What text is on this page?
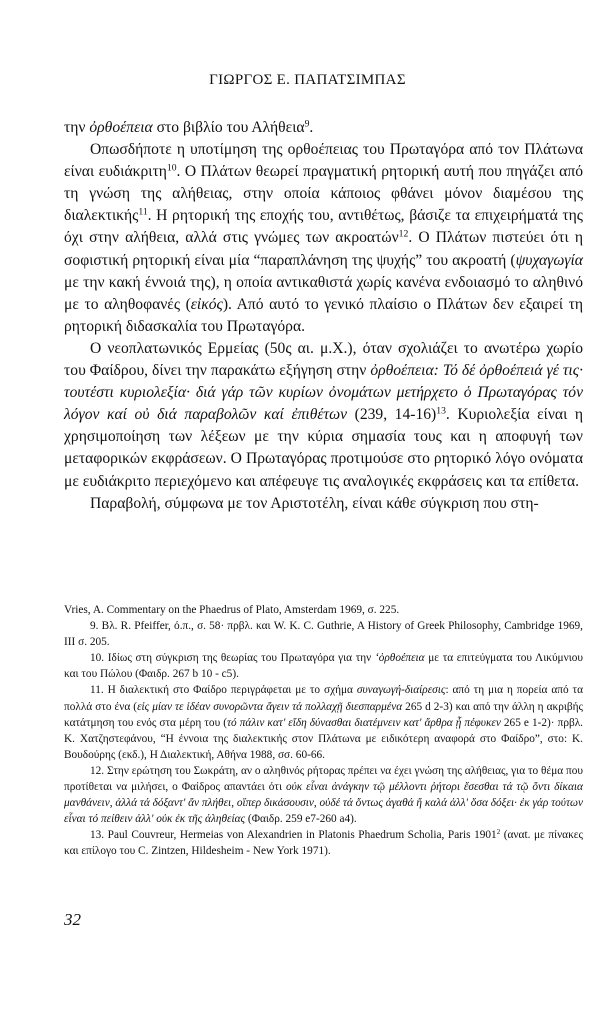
ΓΙΩΡΓΟΣ Ε. ΠΑΠΑΤΣΙΜΠΑΣ

την ὀρθοέπεια στο βιβλίο του Αλήθεια$^9$.

Οπωσδήποτε η υποτίμηση της ορθοέπειας του Πρωταγόρα από τον Πλάτωνα είναι ευδιάκριτη$^{10}$. Ο Πλάτων θεωρεί πραγματική ρητορική αυτή που πηγάζει από τη γνώση της αλήθειας, στην οποία κάποιος φθάνει μόνον διαμέσου της διαλεκτικής$^{11}$. Η ρητορική της εποχής του, αντιθέτως, βάσιζε τα επιχειρήματά της όχι στην αλήθεια, αλλά στις γνώμες των ακροατών$^{12}$. Ο Πλάτων πιστεύει ότι η σοφιστική ρητορική είναι μία “παραπλάνηση της ψυχής” του ακροατή (ψυχαγωγία με την κακή έννοιά της), η οποία αντικαθιστά χωρίς κανένα ενδοιασμό το αληθινό με το αληθοφανές (εἰκός). Από αυτό το γενικό πλαίσιο ο Πλάτων δεν εξαιρεί τη ρητορική διδασκαλία του Πρωταγόρα.

Ο νεοπλατωνικός Ερμείας (50ς αι. μ.Χ.), όταν σχολιάζει το ανωτέρω χωρίο του Φαίδρου, δίνει την παρακάτω εξήγηση στην ὀρθοέπεια: Τό δέ ὀρθοέπειά γέ τις· τουτέστι κυριολεξία· διά γάρ τῶν κυρίων ὀνομάτων μετήρχετο ὁ Πρωταγόρας τόν λόγον καί οὐ διά παραβολῶν καί ἐπιθέτων (239, 14-16)$^{13}$. Κυριολεξία είναι η χρησιμοποίηση των λέξεων με την κύρια σημασία τους και η αποφυγή των μεταφορικών εκφράσεων. Ο Πρωταγόρας προτιμούσε στο ρητορικό λόγο ονόματα με ευδιάκριτο περιεχόμενο και απέφευγε τις αναλογικές εκφράσεις και τα επίθετα.

Παραβολή, σύμφωνα με τον Αριστοτέλη, είναι κάθε σύγκριση που στη-

Vries, A. Commentary on the Phaedrus of Plato, Amsterdam 1969, σ. 225.

9. Βλ. R. Pfeiffer, ό.π., σ. 58· πρβλ. και W. K. C. Guthrie, A History of Greek Philosophy, Cambridge 1969, III σ. 205.

10. Ιδίως στη σύγκριση της θεωρίας του Πρωταγόρα για την ‘ὀρθοέπεια με τα επιτεύγματα του Λικύμνιου και του Πώλου (Φαιδρ. 267 b 10 - c5).

11. Η διαλεκτική στο Φαίδρο περιγράφεται με το σχήμα συναγωγή-διαίρεσις: από τη μια η πορεία από τα πολλά στο ένα (εἰς μίαν τε ἰδέαν συνορῶντα ἄγειν τά πολλαχῇ διεσπαρμένα 265 d 2-3) και από την άλλη η ακριβής κατάτμηση του ενός στα μέρη του (τό πάλιν κατ' εἴδη δύνασθαι διατέμνειν κατ' ἄρθρα ᾗ πέφυκεν 265 e 1-2)· πρβλ. Κ. Χατζηστεφάνου, “Η έννοια της διαλεκτικής στον Πλάτωνα με ειδικότερη αναφορά στο Φαίδρο”, στο: Κ. Βουδούρης (εκδ.), Η Διαλεκτική, Αθήνα 1988, σσ. 60-66.

12. Στην ερώτηση του Σωκράτη, αν ο αληθινός ρήτορας πρέπει να έχει γνώση της αλήθειας, για το θέμα που προτίθεται να μιλήσει, ο Φαίδρος απαντάει ότι οὐκ εἶναι ἀνάγκην τῷ μέλλοντι ῥήτορι ἔσεσθαι τά τῷ ὄντι δίκαια μανθάνειν, ἀλλά τά δόξαντ' ἄν πλήθει, οἵπερ δικάσουσιν, οὐδέ τά ὄντως ἀγαθά ἤ καλά ἀλλ' ὅσα δόξει· ἐκ γάρ τούτων εἶναι τό πείθειν ἀλλ' οὐκ ἐκ τῆς ἀληθείας (Φαιδρ. 259 e7-260 a4).

13. Paul Couvreur, Hermeias von Alexandrien in Platonis Phaedrum Scholia, Paris 1901$^2$ (αναt. με πίνακες και επίλογο του C. Zintzen, Hildesheim - New York 1971).

32
